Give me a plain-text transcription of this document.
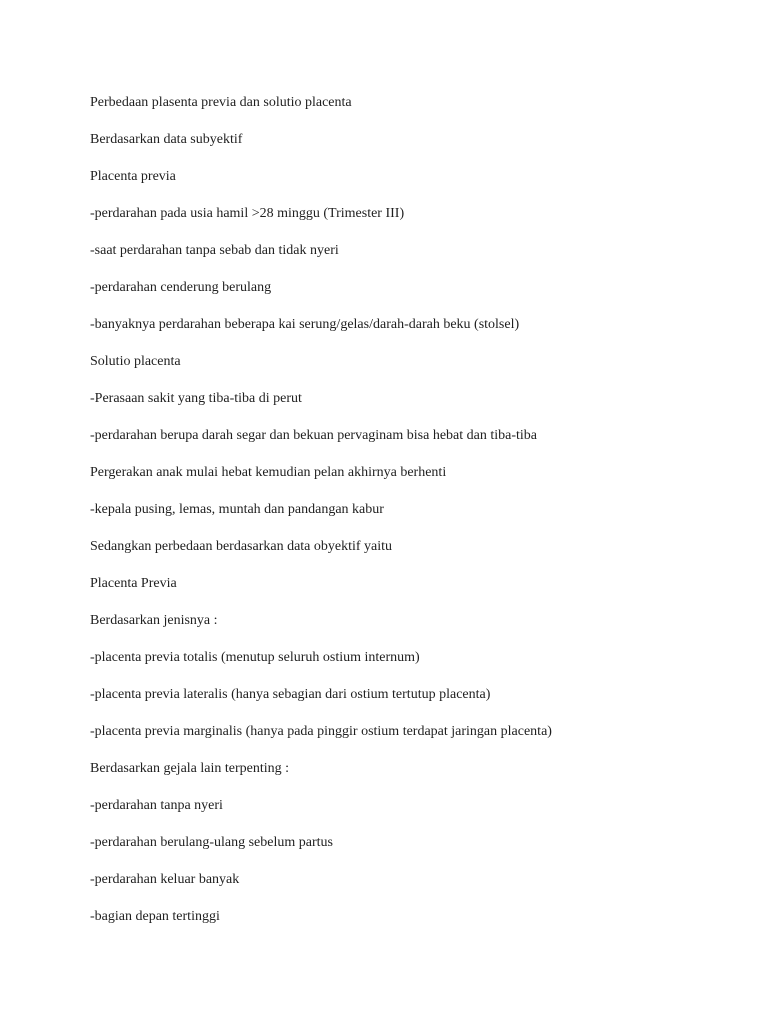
Perbedaan plasenta previa dan solutio placenta

Berdasarkan data subyektif

Placenta previa

-perdarahan pada usia hamil >28 minggu (Trimester III)

-saat perdarahan tanpa sebab dan tidak nyeri

-perdarahan cenderung berulang

-banyaknya perdarahan beberapa kai serung/gelas/darah-darah beku (stolsel)

Solutio placenta

-Perasaan sakit yang tiba-tiba di perut

-perdarahan berupa darah segar dan bekuan pervaginam bisa hebat dan tiba-tiba

Pergerakan anak mulai hebat kemudian pelan akhirnya berhenti

-kepala pusing, lemas, muntah dan pandangan kabur

Sedangkan perbedaan berdasarkan data obyektif yaitu

Placenta Previa

Berdasarkan jenisnya :

-placenta previa totalis (menutup seluruh ostium internum)

-placenta previa lateralis (hanya sebagian dari ostium tertutup placenta)

-placenta previa marginalis (hanya pada pinggir ostium terdapat jaringan placenta)

Berdasarkan gejala lain terpenting :

-perdarahan tanpa nyeri

-perdarahan berulang-ulang sebelum partus

-perdarahan keluar banyak

-bagian depan tertinggi
